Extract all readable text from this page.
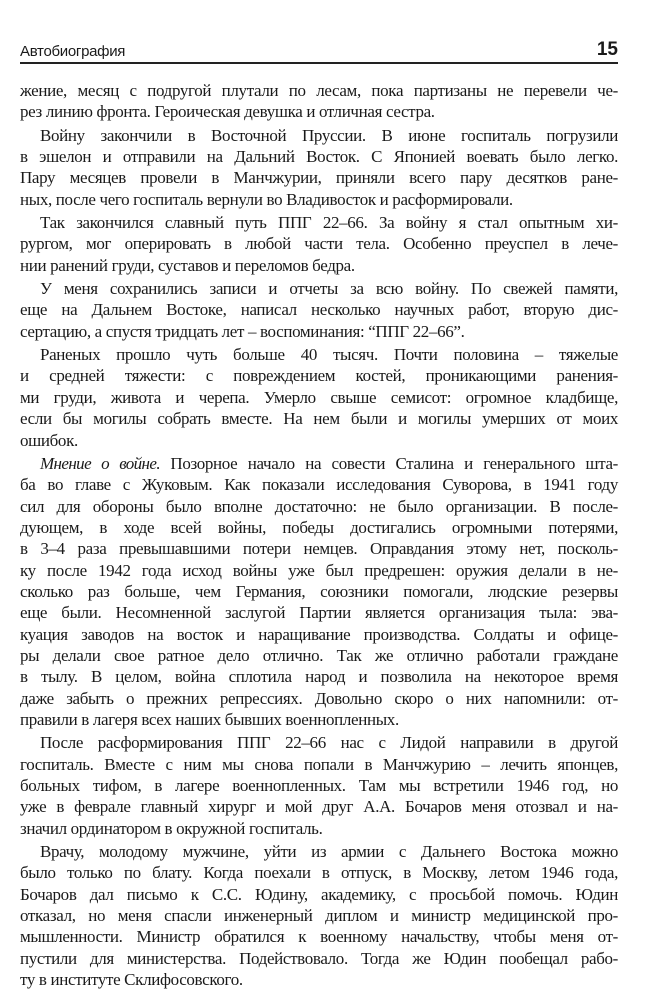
Автобиография	15
жение, месяц с подругой плутали по лесам, пока партизаны не перевели че-
рез линию фронта. Героическая девушка и отличная сестра.
Войну закончили в Восточной Пруссии. В июне госпиталь погрузили
в эшелон и отправили на Дальний Восток. С Японией воевать было легко.
Пару месяцев провели в Манчжурии, приняли всего пару десятков ране-
ных, после чего госпиталь вернули во Владивосток и расформировали.
Так закончился славный путь ППГ 22–66. За войну я стал опытным хи-
рургом, мог оперировать в любой части тела. Особенно преуспел в лече-
нии ранений груди, суставов и переломов бедра.
У меня сохранились записи и отчеты за всю войну. По свежей памяти,
еще на Дальнем Востоке, написал несколько научных работ, вторую дис-
сертацию, а спустя тридцать лет – воспоминания: “ППГ 22–66”.
Раненых прошло чуть больше 40 тысяч. Почти половина – тяжелые
и средней тяжести: с повреждением костей, проникающими ранения-
ми груди, живота и черепа. Умерло свыше семисот: огромное кладбище,
если бы могилы собрать вместе. На нем были и могилы умерших от моих
ошибок.
Мнение о войне. Позорное начало на совести Сталина и генерального шта-
ба во главе с Жуковым. Как показали исследования Суворова, в 1941 году
сил для обороны было вполне достаточно: не было организации. В после-
дующем, в ходе всей войны, победы достигались огромными потерями,
в 3–4 раза превышавшими потери немцев. Оправдания этому нет, посколь-
ку после 1942 года исход войны уже был предрешен: оружия делали в не-
сколько раз больше, чем Германия, союзники помогали, людские резервы
еще были. Несомненной заслугой Партии является организация тыла: эва-
куация заводов на восток и наращивание производства. Солдаты и офице-
ры делали свое ратное дело отлично. Так же отлично работали граждане
в тылу. В целом, война сплотила народ и позволила на некоторое время
даже забыть о прежних репрессиях. Довольно скоро о них напомнили: от-
правили в лагеря всех наших бывших военнопленных.
После расформирования ППГ 22–66 нас с Лидой направили в другой
госпиталь. Вместе с ним мы снова попали в Манчжурию – лечить японцев,
больных тифом, в лагере военнопленных. Там мы встретили 1946 год, но
уже в феврале главный хирург и мой друг А.А. Бочаров меня отозвал и на-
значил ординатором в окружной госпиталь.
Врачу, молодому мужчине, уйти из армии с Дальнего Востока можно
было только по блату. Когда поехали в отпуск, в Москву, летом 1946 года,
Бочаров дал письмо к С.С. Юдину, академику, с просьбой помочь. Юдин
отказал, но меня спасли инженерный диплом и министр медицинской про-
мышленности. Министр обратился к военному начальству, чтобы меня от-
пустили для министерства. Подействовало. Тогда же Юдин пообещал рабо-
ту в институте Склифосовского.
